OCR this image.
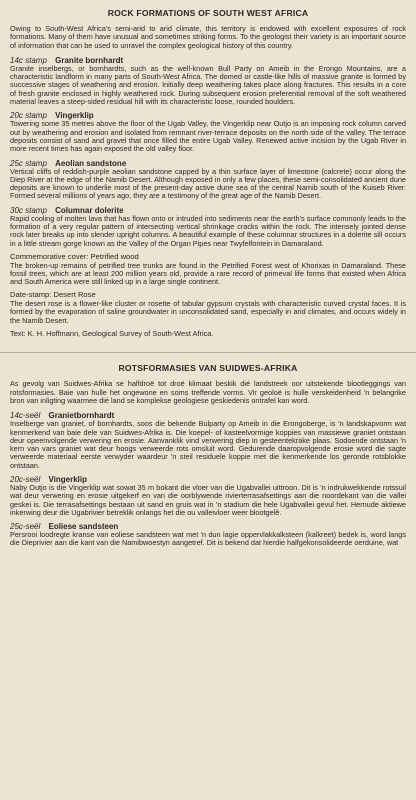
ROCK FORMATIONS OF SOUTH WEST AFRICA
Owing to South-West Africa's semi-arid to arid climate, this territory is endowed with excellent exposures of rock formations. Many of them have unusual and sometimes striking forms. To the geologist their variety is an important source of information that can be used to unravel the complex geological history of this country.
14c stamp Granite bornhardt
Granite inselbergs, or bornhardts, such as the well-known Bull Party on Ameib in the Erongo Mountains, are a characteristic landform in many parts of South-West Africa. The domed or castle-like hills of massive granite is formed by successive stages of weathering and erosion. Initially deep weathering takes place along fractures. This results in a core of fresh granite enclosed in highly weathered rock. During subsequent erosion preferential removal of the soft weathered material leaves a steep-sided residual hill with its characteristic loose, rounded boulders.
20c stamp Vingerklip
Towering some 35 metres above the floor of the Ugab Valley, the Vingerklip near Outjo is an imposing rock column carved out by weathering and erosion and isolated from remnant river-terrace deposits on the north side of the valley. The terrace deposits consist of sand and gravel that once filled the entire Ugab Valley. Renewed active incision by the Ugab River in more recent times has again exposed the old valley floor.
25c stamp Aeolian sandstone
Vertical cliffs of reddish-purple aeolian sandstone capped by a thin surface layer of limestone (calcrete) occur along the Diep River at the edge of the Namib Desert. Although exposed in only a few places, these semi-consolidated ancient dune deposits are known to underlie most of the present-day active dune sea of the central Namib south of the Kuiseb River. Formed several millions of years ago, they are a testimony of the great age of the Namib Desert.
30c stamp Columnar dolerite
Rapid cooling of molten lava that has flown onto or intruded into sediments near the earth's surface commonly leads to the formation of a very regular pattern of intersecting vertical shrinkage cracks within the rock. The intensely jointed dense rock later breaks up into slender upright columns. A beautiful example of these columnar structures in a dolerite sill occurs in a little stream gorge known as the Valley of the Organ Pipes near Twyfelfontein in Damaraland.
Commemorative cover: Petrified wood
The broken-up remains of petrified tree trunks are found in the Petrified Forest west of Khorixas in Damaraland. These fossil trees, which are at least 200 million years old, provide a rare record of primeval life forms that existed when Africa and South America were still linked up in a large single continent.
Date-stamp: Desert Rose
The desert rose is a flower-like cluster or rosette of tabular gypsum crystals with characteristic curved crystal faces. It is formed by the evaporation of saline groundwater in unconsolidated sand, especially in arid climates, and occurs widely in the Namib Desert.
Text: K. H. Hoffmann, Geological Survey of South-West Africa.
ROTSFORMASIES VAN SUIDWES-AFRIKA
As gevolg van Suidwes-Afrika se halfdroë tot droë klimaat beskik dié landstreek oor uitstekende blootleggings van rotsformasies. Baie van hulle het ongewone en soms treffende vorms. Vir geoloë is hulle verskeidenheid 'n belangrike bron van inligting waarmee dié land se komplekse geologiese geskiedenis ontrafel kan word.
14c-seël Granietbornhardt
Inselberge van graniet, of bornhardts, soos die bekende Bulparty op Ameib in die Erongoberge, is 'n landskapvorm wat kenmerkend van baie dele van Suidwes-Afrika is. Die koepel- of kasteelvormige koppies van massiewe graniet ontstaan deur opeenvolgende verwering en erosie. Aanvanklik vind verwering diep in gesteentekrake plaas. Sodoende ontstaan 'n kern van vars graniet wat deur hoogs verweerde rots omsluit word. Gedurende daaropvolgende erosie word die sagte verweerde materiaal eerste verwyder waardeur 'n steil residuele koppie met die kenmerkende los geronde rotsblokke ontstaan.
20c-seël Vingerklip
Naby Outjo is die Vingerklip wat sowat 35 m bokant die vloer van die Ugabvallei uittroon. Dit is 'n indrukwekkende rotssuil wat deur verwering en erosie uitgekerf en van die oorblywende rivierterrasafsettings aan die noordekant van die vallei geskei is. Die terrasafsettings bestaan uit sand en gruis wat in 'n stadium die hele Ugabvallei gevul het. Hernude aktiewe inkerwing deur die Ugabrivier betreklik onlangs het die ou valleivloer weer blootgelê.
25c-seël Eoliese sandsteen
Persrooi loodregte kranse van eoliese sandsteen wat met 'n dun lagie oppervlakkalksteen (kalkreet) bedek is, word langs die Dieprivier aan die kant van die Namibwoestyn aangetref. Dit is bekend dat hierdie halfgekonsolideerde oerduine, wat
